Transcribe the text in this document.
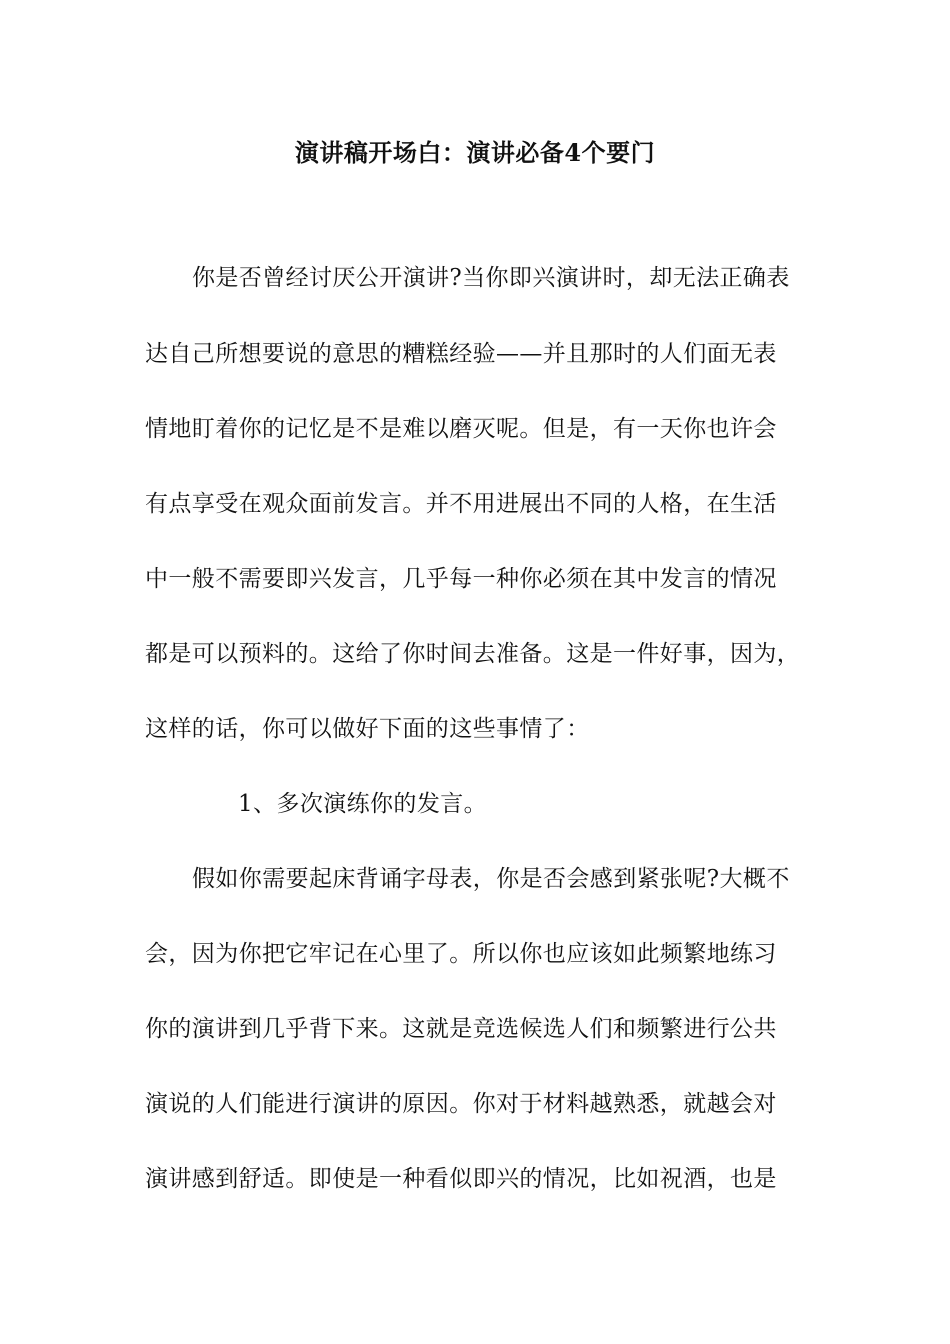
演讲稿开场白：演讲必备4个要门
你是否曾经讨厌公开演讲?当你即兴演讲时，却无法正确表
达自己所想要说的意思的糟糕经验——并且那时的人们面无表
情地盯着你的记忆是不是难以磨灭呢。但是，有一天你也许会
有点享受在观众面前发言。并不用进展出不同的人格，在生活
中一般不需要即兴发言，几乎每一种你必须在其中发言的情况
都是可以预料的。这给了你时间去准备。这是一件好事，因为，
这样的话，你可以做好下面的这些事情了：
1、多次演练你的发言。
假如你需要起床背诵字母表，你是否会感到紧张呢?大概不
会，因为你把它牢记在心里了。所以你也应该如此频繁地练习
你的演讲到几乎背下来。这就是竞选候选人们和频繁进行公共
演说的人们能进行演讲的原因。你对于材料越熟悉，就越会对
演讲感到舒适。即使是一种看似即兴的情况，比如祝酒，也是
